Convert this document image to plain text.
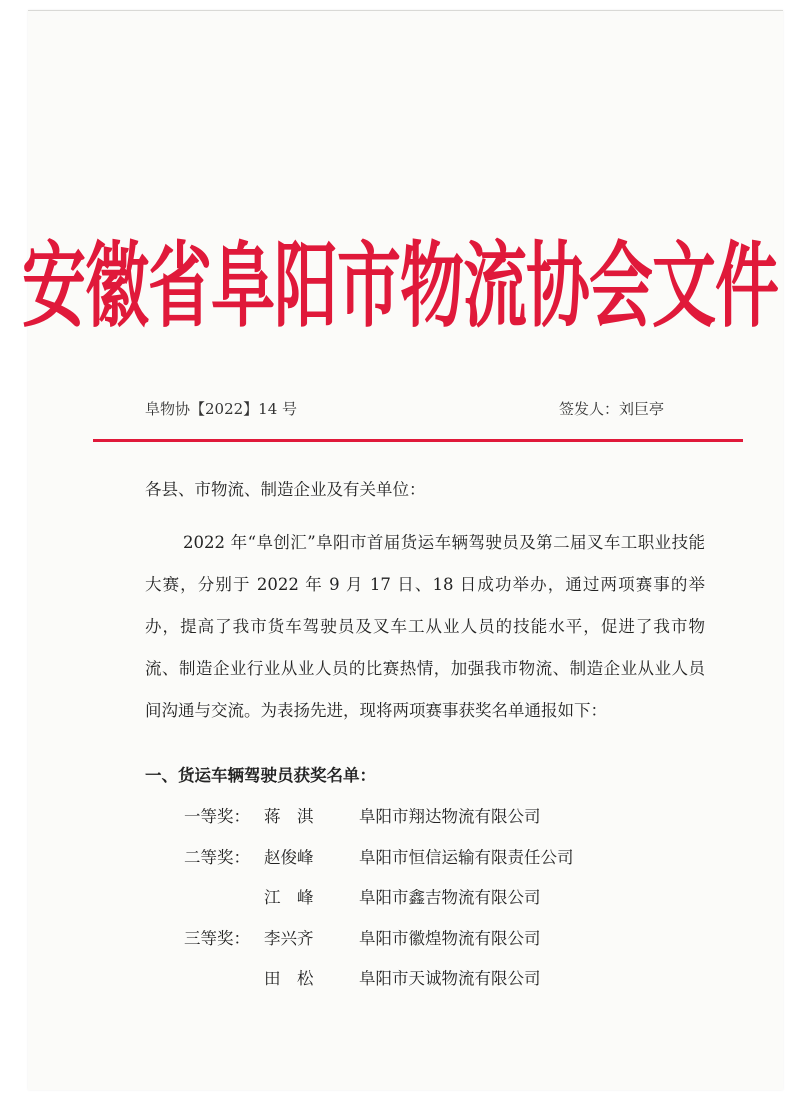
安徽省阜阳市物流协会文件
阜物协【2022】14 号	签发人：刘巨亭
各县、市物流、制造企业及有关单位：
2022 年“阜创汇”阜阳市首届货运车辆驾驶员及第二届叉车工职业技能大赛，分别于 2022 年 9 月 17 日、18 日成功举办，通过两项赛事的举办，提高了我市货车驾驶员及叉车工从业人员的技能水平，促进了我市物流、制造企业行业从业人员的比赛热情，加强我市物流、制造企业从业人员间沟通与交流。为表扬先进，现将两项赛事获奖名单通报如下：
一、货运车辆驾驶员获奖名单：
一等奖： 蒋　淇	阜阳市翔达物流有限公司
二等奖： 赵俊峰	阜阳市恒信运输有限责任公司
江　峰	阜阳市鑫吉物流有限公司
三等奖： 李兴齐	阜阳市徽煌物流有限公司
田　松	阜阳市天诚物流有限公司
